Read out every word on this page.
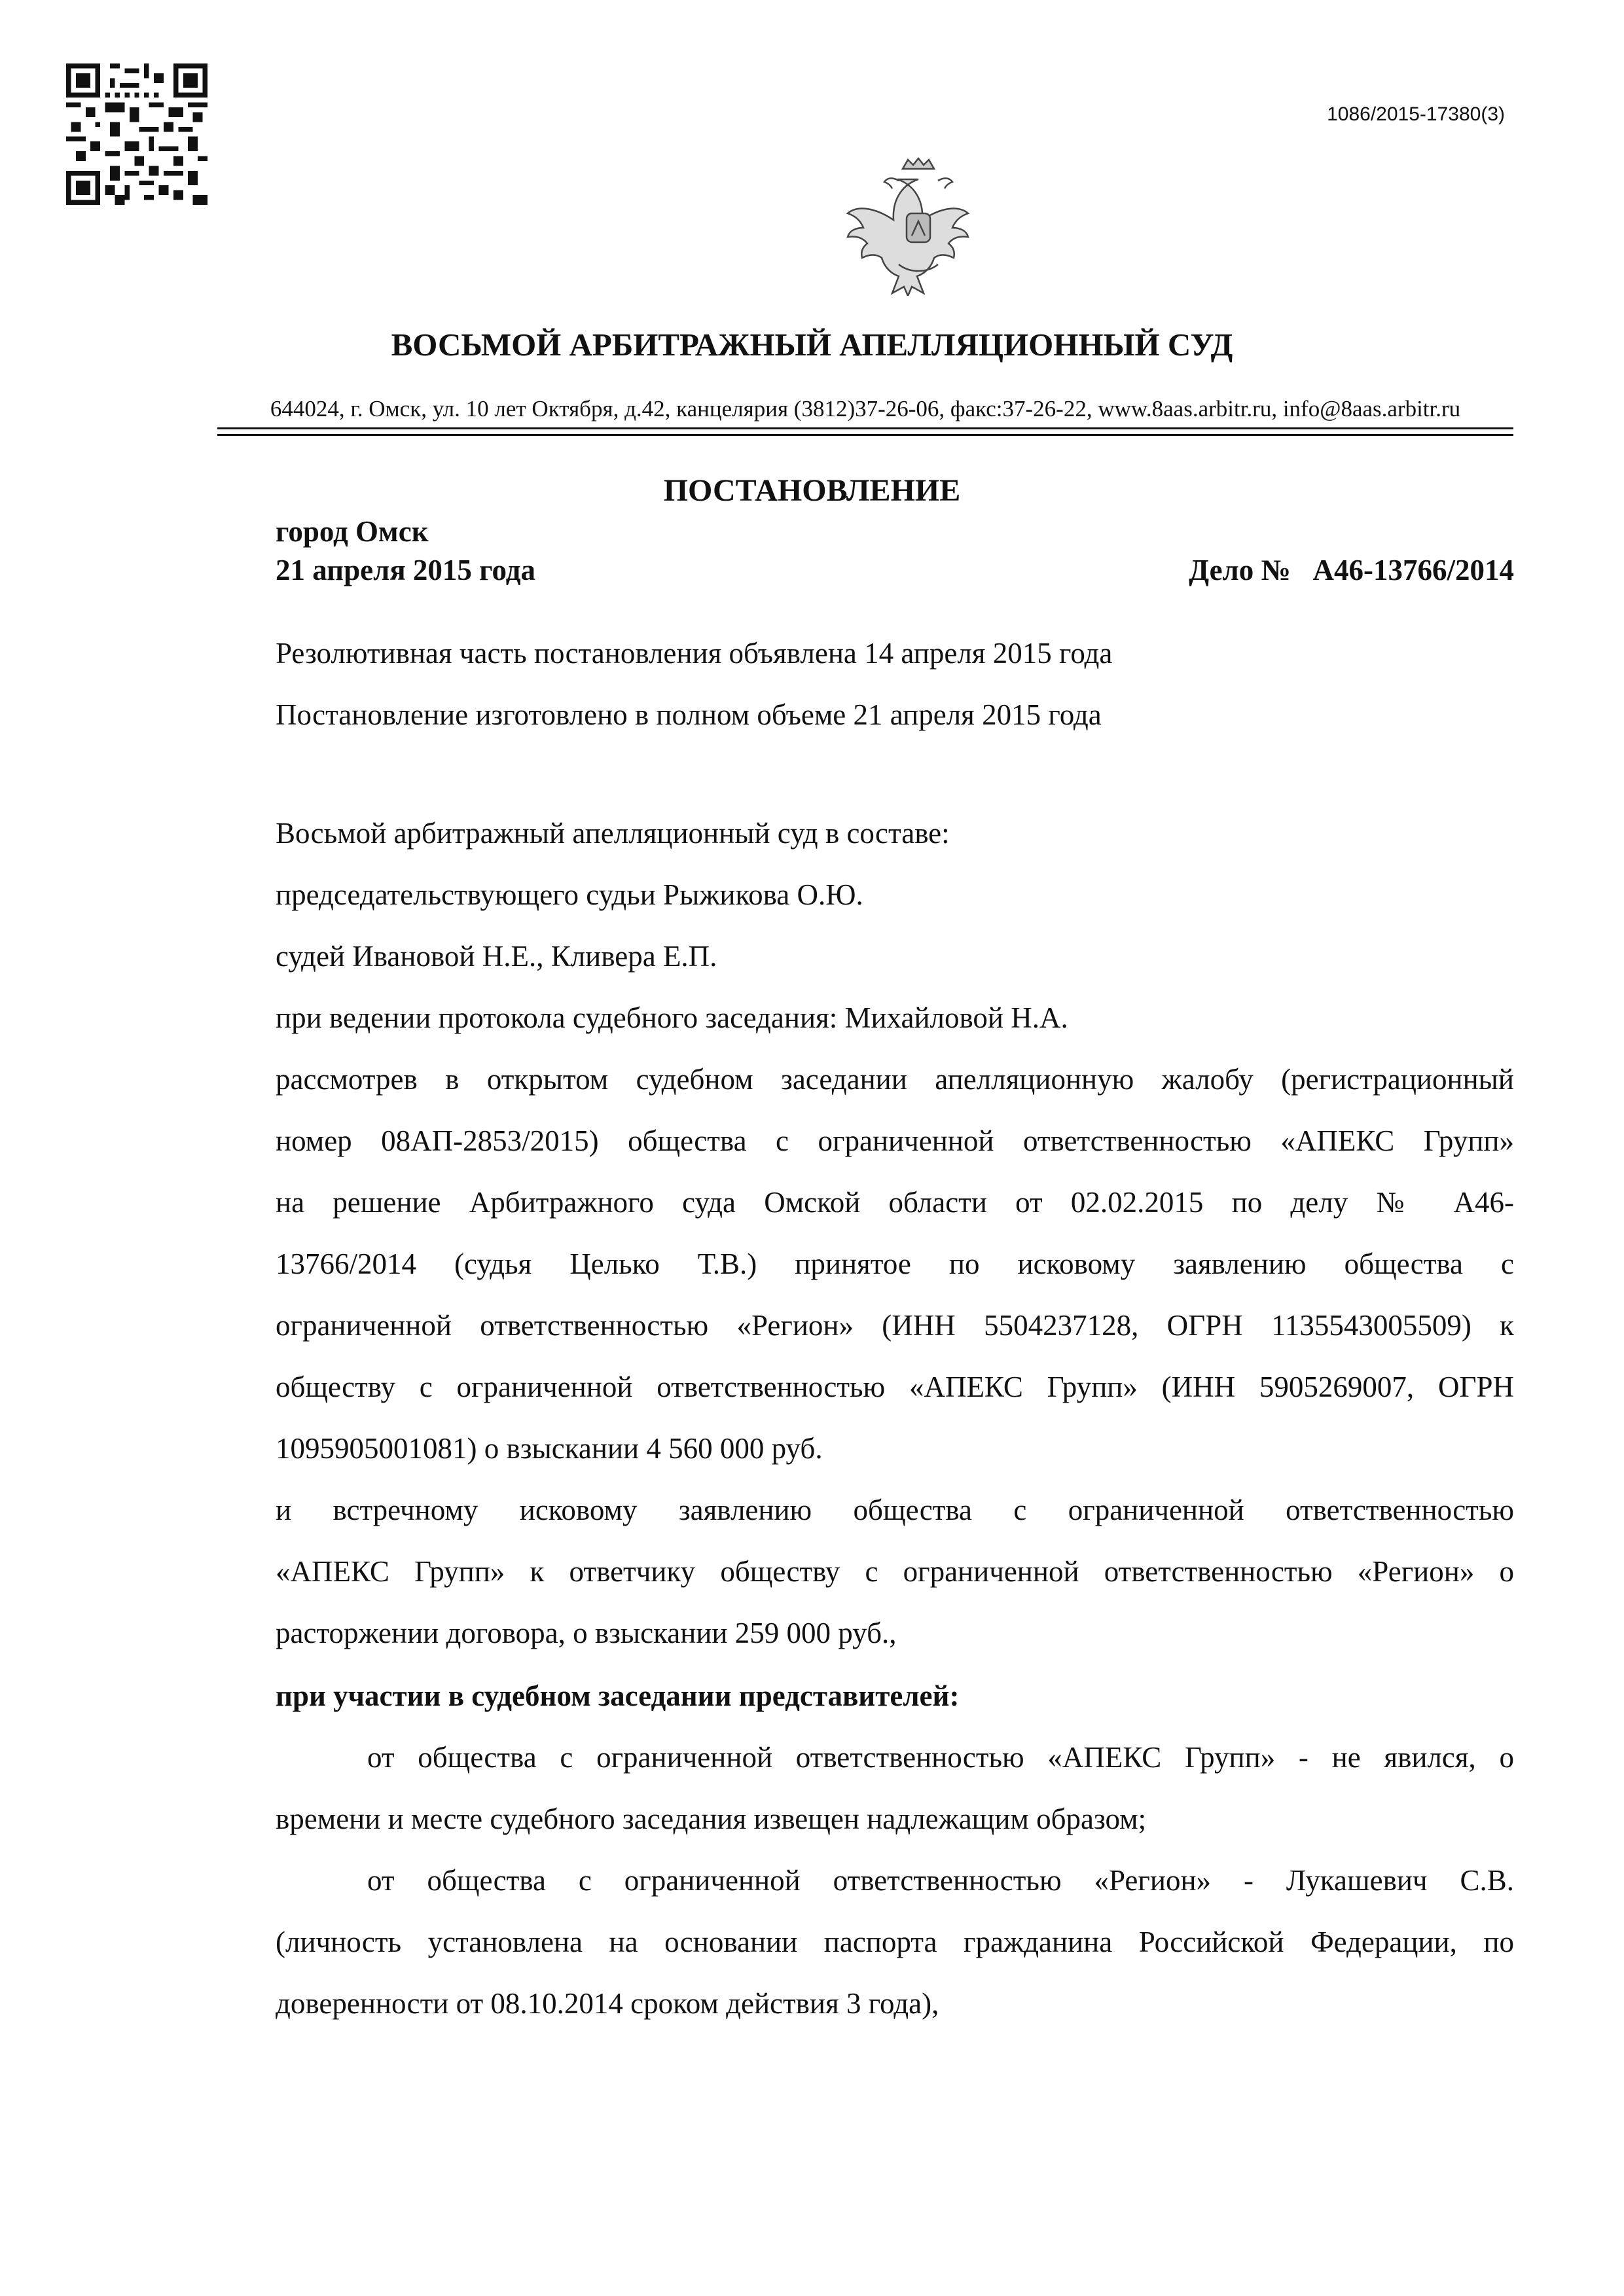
1086/2015-17380(3)
ВОСЬМОЙ АРБИТРАЖНЫЙ АПЕЛЛЯЦИОННЫЙ СУД
644024, г. Омск, ул. 10 лет Октября, д.42, канцелярия (3812)37-26-06, факс:37-26-22, www.8aas.arbitr.ru, info@8aas.arbitr.ru
ПОСТАНОВЛЕНИЕ
город Омск
21 апреля 2015 года	Дело №   А46-13766/2014
Резолютивная часть постановления объявлена 14 апреля 2015 года
Постановление изготовлено в полном объеме 21 апреля 2015 года
Восьмой арбитражный апелляционный суд в составе:
председательствующего судьи Рыжикова О.Ю.
судей Ивановой Н.Е., Кливера Е.П.
при ведении протокола судебного заседания: Михайловой Н.А.
рассмотрев в открытом судебном заседании апелляционную жалобу (регистрационный
номер 08АП-2853/2015) общества с ограниченной ответственностью «АПЕКС Групп»
на решение Арбитражного суда Омской области от 02.02.2015 по делу № А46-
13766/2014 (судья Целько Т.В.) принятое по исковому заявлению общества с
ограниченной ответственностью «Регион» (ИНН 5504237128, ОГРН 1135543005509) к
обществу с ограниченной ответственностью «АПЕКС Групп» (ИНН 5905269007, ОГРН
1095905001081) о взыскании 4 560 000 руб.
и встречному исковому заявлению общества с ограниченной ответственностью
«АПЕКС Групп» к ответчику обществу с ограниченной ответственностью «Регион» о
расторжении договора, о взыскании 259 000 руб.,
при участии в судебном заседании представителей:
от общества с ограниченной ответственностью «АПЕКС Групп» - не явился, о
времени и месте судебного заседания извещен надлежащим образом;
от общества с ограниченной ответственностью «Регион» - Лукашевич С.В.
(личность установлена на основании паспорта гражданина Российской Федерации, по
доверенности от 08.10.2014 сроком действия 3 года),
